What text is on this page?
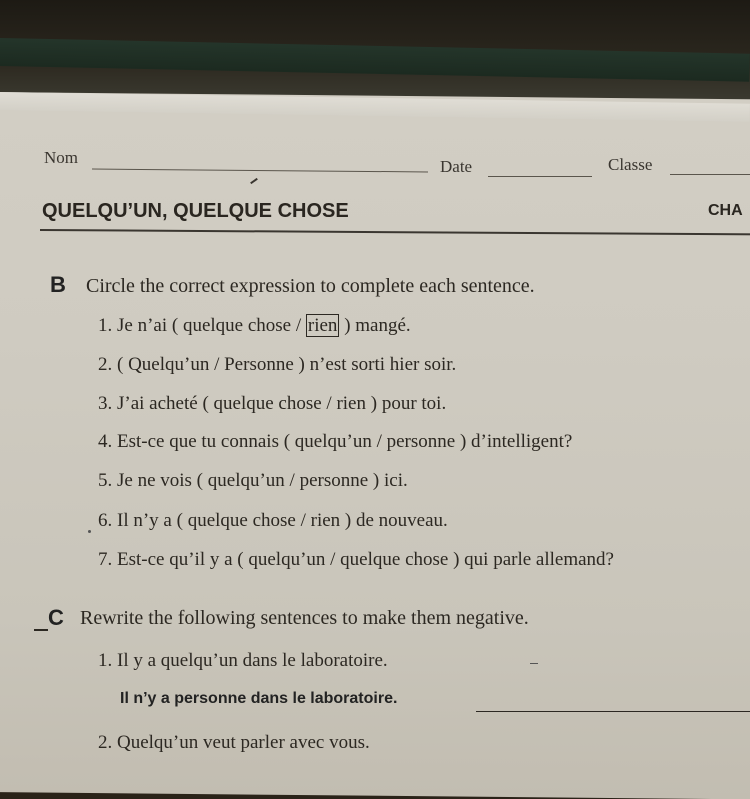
Nom	Date	Classe
QUELQU’UN, QUELQUE CHOSE	CHA
B Circle the correct expression to complete each sentence.
1. Je n’ai ( quelque chose / rien ) mangé.
2. ( Quelqu’un / Personne ) n’est sorti hier soir.
3. J’ai acheté ( quelque chose / rien ) pour toi.
4. Est-ce que tu connais ( quelqu’un / personne ) d’intelligent?
5. Je ne vois ( quelqu’un / personne ) ici.
6. Il n’y a ( quelque chose / rien ) de nouveau.
7. Est-ce qu’il y a ( quelqu’un / quelque chose ) qui parle allemand?
C Rewrite the following sentences to make them negative.
1. Il y a quelqu’un dans le laboratoire.
Il n’y a personne dans le laboratoire.
2. Quelqu’un veut parler avec vous.
